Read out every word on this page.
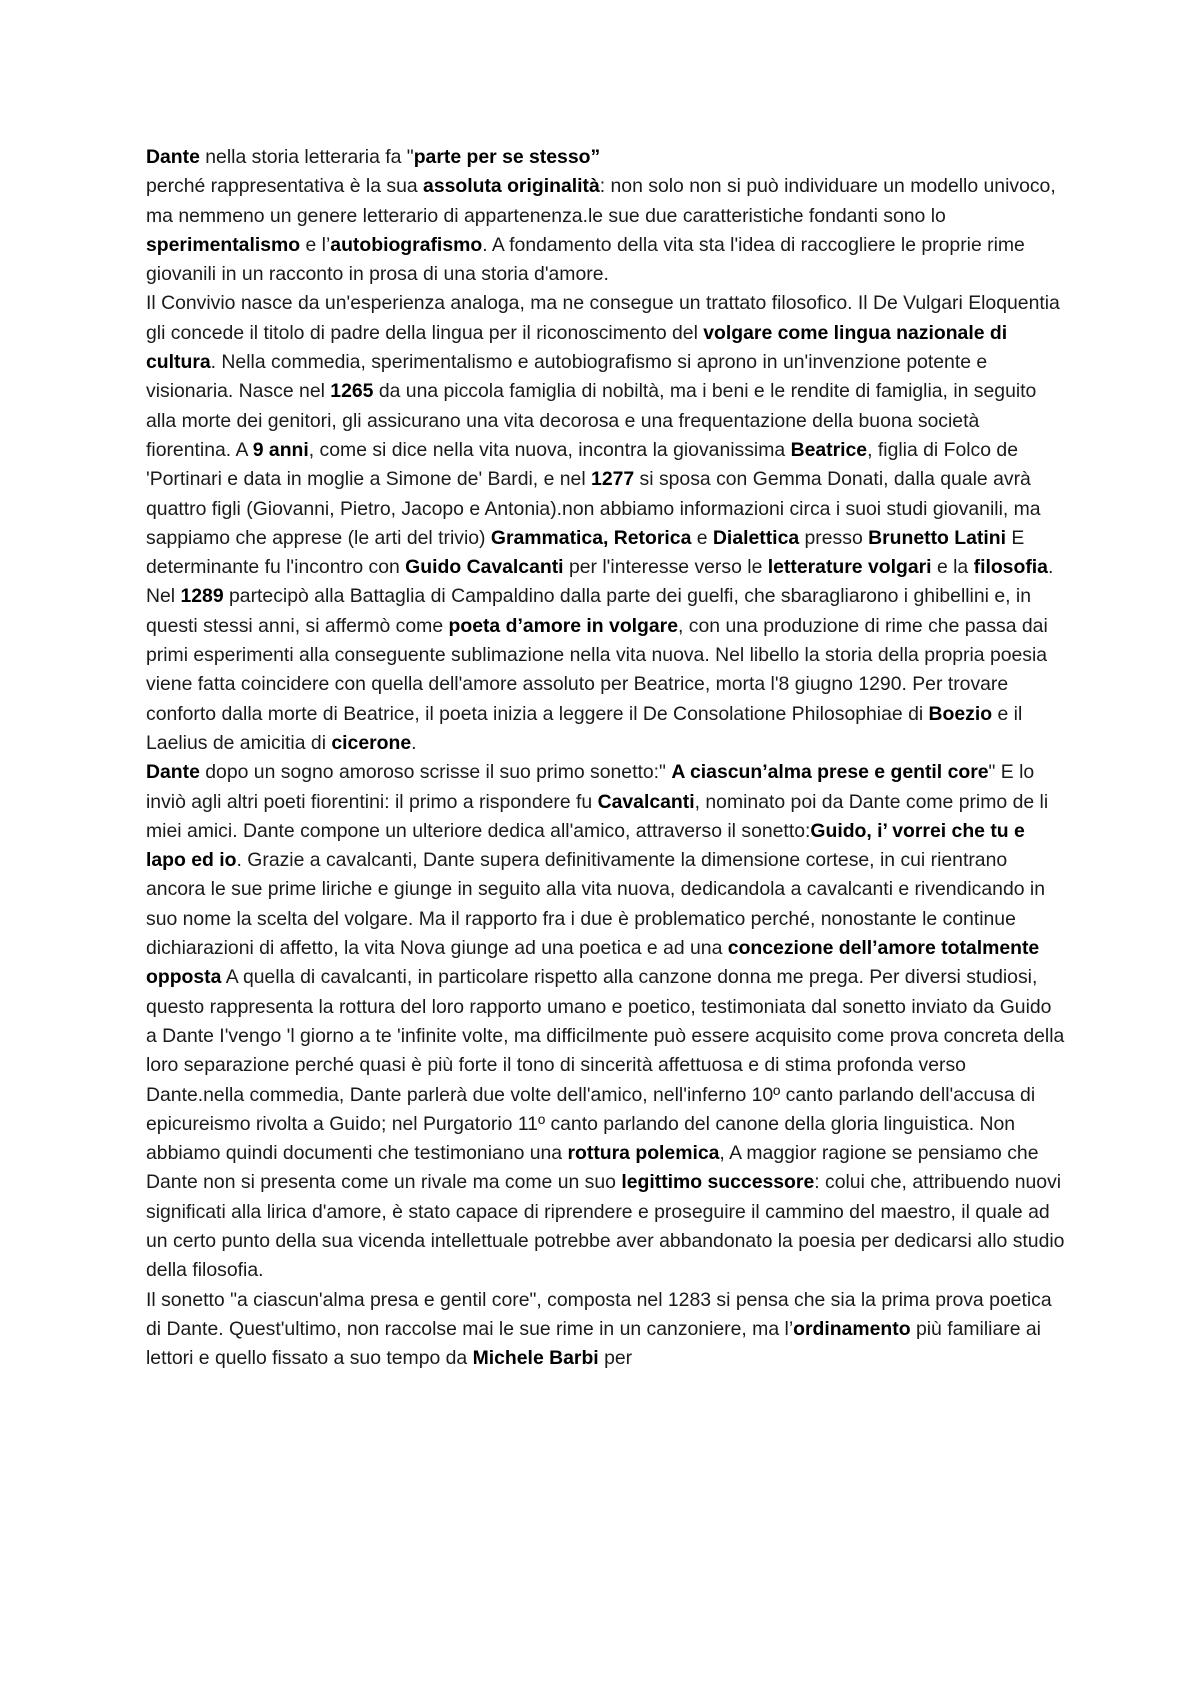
Dante nella storia letteraria fa "parte per se stesso”

perché rappresentativa è la sua assoluta originalità: non solo non si può individuare un modello univoco, ma nemmeno un genere letterario di appartenenza.le sue due caratteristiche fondanti sono lo sperimentalismo e l’autobiografismo. A fondamento della vita sta l'idea di raccogliere le proprie rime giovanili in un racconto in prosa di una storia d'amore.

Il Convivio nasce da un'esperienza analoga, ma ne consegue un trattato filosofico. Il De Vulgari Eloquentia gli concede il titolo di padre della lingua per il riconoscimento del volgare come lingua nazionale di cultura. Nella commedia, sperimentalismo e autobiografismo si aprono in un'invenzione potente e visionaria. Nasce nel 1265 da una piccola famiglia di nobiltà, ma i beni e le rendite di famiglia, in seguito alla morte dei genitori, gli assicurano una vita decorosa e una frequentazione della buona società fiorentina. A 9 anni, come si dice nella vita nuova, incontra la giovanissima Beatrice, figlia di Folco de 'Portinari e data in moglie a Simone de' Bardi, e nel 1277 si sposa con Gemma Donati, dalla quale avrà quattro figli (Giovanni, Pietro, Jacopo e Antonia).non abbiamo informazioni circa i suoi studi giovanili, ma sappiamo che apprese (le arti del trivio) Grammatica, Retorica e Dialettica presso Brunetto Latini E determinante fu l'incontro con Guido Cavalcanti per l'interesse verso le letterature volgari e la filosofia. Nel 1289 partecipò alla Battaglia di Campaldino dalla parte dei guelfi, che sbaragliarono i ghibellini e, in questi stessi anni, si affermò come poeta d’amore in volgare, con una produzione di rime che passa dai primi esperimenti alla conseguente sublimazione nella vita nuova. Nel libello la storia della propria poesia viene fatta coincidere con quella dell'amore assoluto per Beatrice, morta l'8 giugno 1290. Per trovare conforto dalla morte di Beatrice, il poeta inizia a leggere il De Consolatione Philosophiae di Boezio e il Laelius de amicitia di cicerone.

Dante dopo un sogno amoroso scrisse il suo primo sonetto:" A ciascun’alma prese e gentil core" E lo inviò agli altri poeti fiorentini: il primo a rispondere fu Cavalcanti, nominato poi da Dante come primo de li miei amici. Dante compone un ulteriore dedica all'amico, attraverso il sonetto:Guido, i’ vorrei che tu e lapo ed io. Grazie a cavalcanti, Dante supera definitivamente la dimensione cortese, in cui rientrano ancora le sue prime liriche e giunge in seguito alla vita nuova, dedicandola a cavalcanti e rivendicando in suo nome la scelta del volgare. Ma il rapporto fra i due è problematico perché, nonostante le continue dichiarazioni di affetto, la vita Nova giunge ad una poetica e ad una concezione dell’amore totalmente opposta A quella di cavalcanti, in particolare rispetto alla canzone donna me prega. Per diversi studiosi, questo rappresenta la rottura del loro rapporto umano e poetico, testimoniata dal sonetto inviato da Guido a Dante I'vengo 'l giorno a te 'infinite volte, ma difficilmente può essere acquisito come prova concreta della loro separazione perché quasi è più forte il tono di sincerità affettuosa e di stima profonda verso Dante.nella commedia, Dante parlerà due volte dell'amico, nell'inferno 10º canto parlando dell'accusa di epicureismo rivolta a Guido; nel Purgatorio 11º canto parlando del canone della gloria linguistica. Non abbiamo quindi documenti che testimoniano una rottura polemica, A maggior ragione se pensiamo che Dante non si presenta come un rivale ma come un suo legittimo successore: colui che, attribuendo nuovi significati alla lirica d'amore, è stato capace di riprendere e proseguire il cammino del maestro, il quale ad un certo punto della sua vicenda intellettuale potrebbe aver abbandonato la poesia per dedicarsi allo studio della filosofia.

Il sonetto "a ciascun'alma presa e gentil core", composta nel 1283 si pensa che sia la prima prova poetica di Dante. Quest'ultimo, non raccolse mai le sue rime in un canzoniere, ma l’ordinamento più familiare ai lettori e quello fissato a suo tempo da Michele Barbi per
